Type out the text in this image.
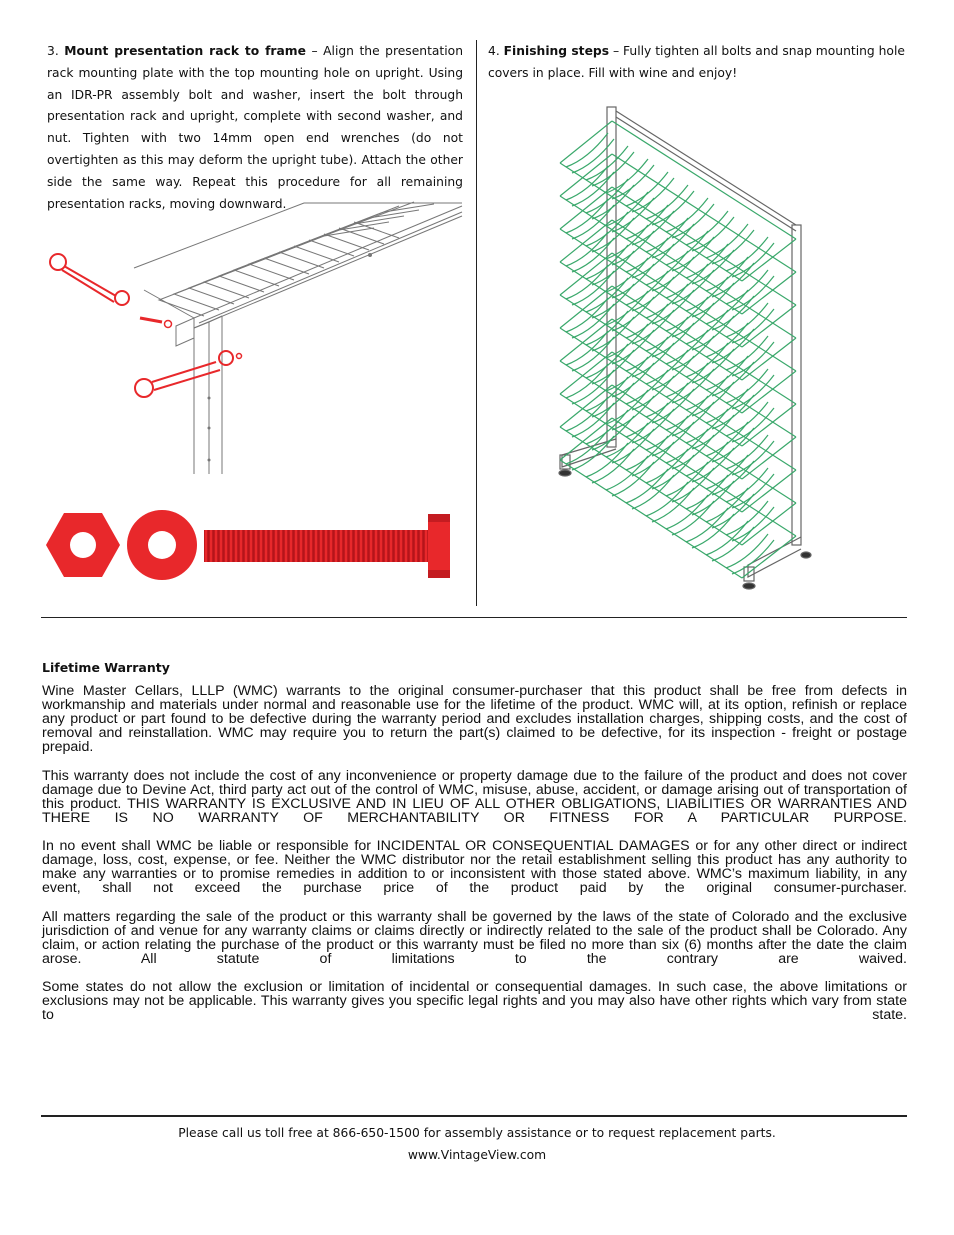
3. Mount presentation rack to frame – Align the presentation rack mounting plate with the top mounting hole on upright. Using an IDR-PR assembly bolt and washer, insert the bolt through presentation rack and upright, complete with second washer, and nut. Tighten with two 14mm open end wrenches (do not overtighten as this may deform the upright tube). Attach the other side the same way. Repeat this procedure for all remaining presentation racks, moving downward.
4. Finishing steps – Fully tighten all bolts and snap mounting hole covers in place. Fill with wine and enjoy!
Lifetime Warranty

Wine Master Cellars, LLLP (WMC) warrants to the original consumer-purchaser that this product shall be free from defects in workmanship and materials under normal and reasonable use for the lifetime of the product. WMC will, at its option, refinish or replace any product or part found to be defective during the warranty period and excludes installation charges, shipping costs, and the cost of removal and reinstallation. WMC may require you to return the part(s) claimed to be defective, for its inspection - freight or postage prepaid.

This warranty does not include the cost of any inconvenience or property damage due to the failure of the product and does not cover damage due to Devine Act, third party act out of the control of WMC, misuse, abuse, accident, or damage arising out of transportation of this product. THIS WARRANTY IS EXCLUSIVE AND IN LIEU OF ALL OTHER OBLIGATIONS, LIABILITIES OR WARRANTIES AND THERE IS NO WARRANTY OF MERCHANTABILITY OR FITNESS FOR A PARTICULAR PURPOSE.

In no event shall WMC be liable or responsible for INCIDENTAL OR CONSEQUENTIAL DAMAGES or for any other direct or indirect damage, loss, cost, expense, or fee. Neither the WMC distributor nor the retail establishment selling this product has any authority to make any warranties or to promise remedies in addition to or inconsistent with those stated above. WMC’s maximum liability, in any event, shall not exceed the purchase price of the product paid by the original consumer-purchaser.

All matters regarding the sale of the product or this warranty shall be governed by the laws of the state of Colorado and the exclusive jurisdiction of and venue for any warranty claims or claims directly or indirectly related to the sale of the product shall be Colorado. Any claim, or action relating the purchase of the product or this warranty must be filed no more than six (6) months after the date the claim arose. All statute of limitations to the contrary are waived.

Some states do not allow the exclusion or limitation of incidental or consequential damages. In such case, the above limitations or exclusions may not be applicable. This warranty gives you specific legal rights and you may also have other rights which vary from state to state.

Please call us toll free at 866-650-1500 for assembly assistance or to request replacement parts.
www.VintageView.com
